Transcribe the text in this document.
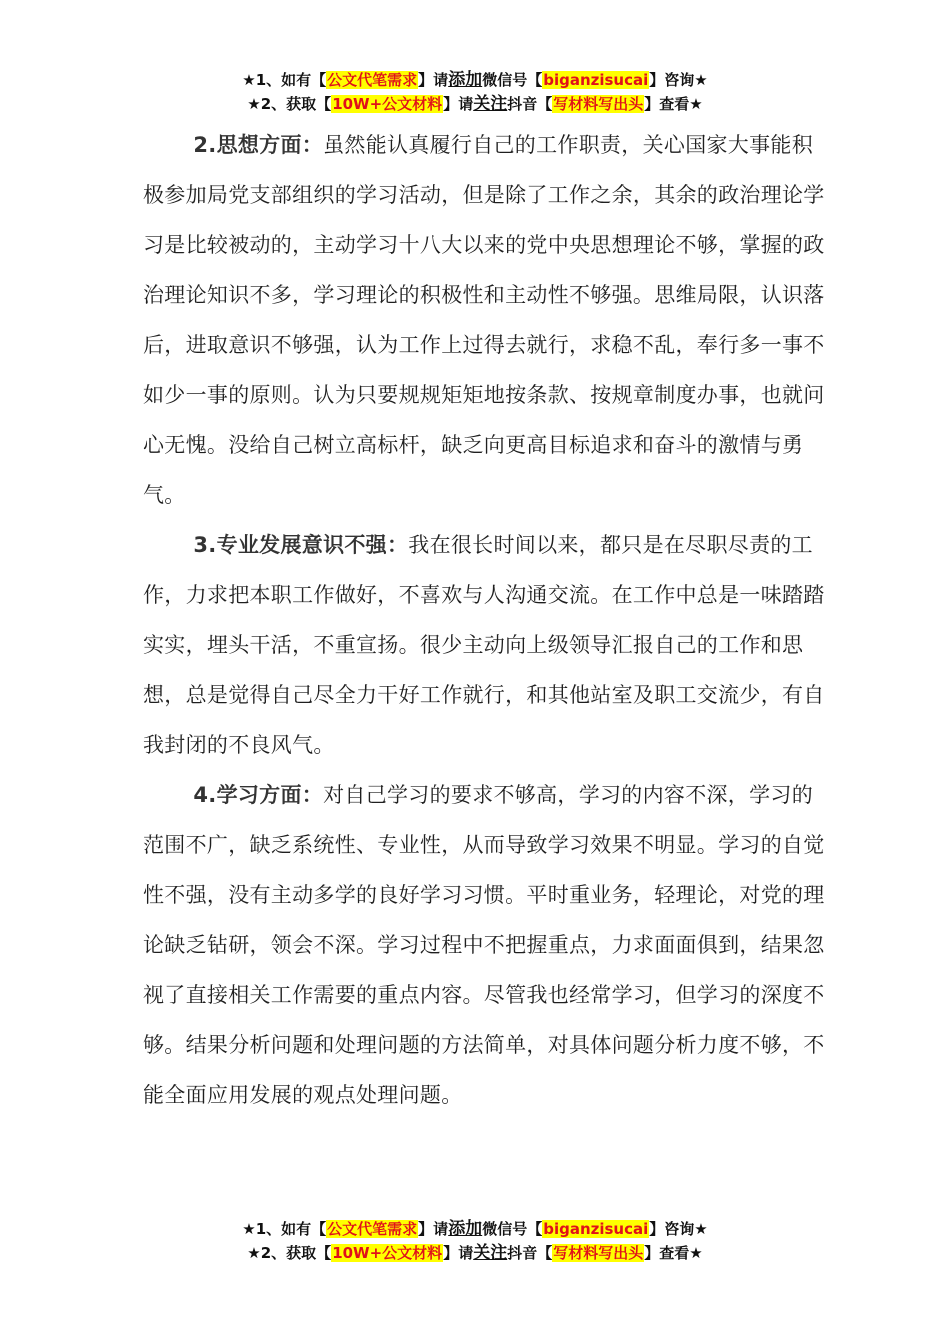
★1、如有【公文代笔需求】请添加微信号【biganzisucai】咨询★
★2、获取【10W+公文材料】请关注抖音【写材料写出头】查看★

2.思想方面：虽然能认真履行自己的工作职责，关心国家大事能积极参加局党支部组织的学习活动，但是除了工作之余，其余的政治理论学习是比较被动的，主动学习十八大以来的党中央思想理论不够，掌握的政治理论知识不多，学习理论的积极性和主动性不够强。思维局限，认识落后，进取意识不够强，认为工作上过得去就行，求稳不乱，奉行多一事不如少一事的原则。认为只要规规矩矩地按条款、按规章制度办事，也就问心无愧。没给自己树立高标杆，缺乏向更高目标追求和奋斗的激情与勇气。

3.专业发展意识不强：我在很长时间以来，都只是在尽职尽责的工作，力求把本职工作做好，不喜欢与人沟通交流。在工作中总是一味踏踏实实，埋头干活，不重宣扬。很少主动向上级领导汇报自己的工作和思想，总是觉得自己尽全力干好工作就行，和其他站室及职工交流少，有自我封闭的不良风气。

4.学习方面：对自己学习的要求不够高，学习的内容不深，学习的范围不广，缺乏系统性、专业性，从而导致学习效果不明显。学习的自觉性不强，没有主动多学的良好学习习惯。平时重业务，轻理论，对党的理论缺乏钻研，领会不深。学习过程中不把握重点，力求面面俱到，结果忽视了直接相关工作需要的重点内容。尽管我也经常学习，但学习的深度不够。结果分析问题和处理问题的方法简单，对具体问题分析力度不够，不能全面应用发展的观点处理问题。

★1、如有【公文代笔需求】请添加微信号【biganzisucai】咨询★
★2、获取【10W+公文材料】请关注抖音【写材料写出头】查看★
